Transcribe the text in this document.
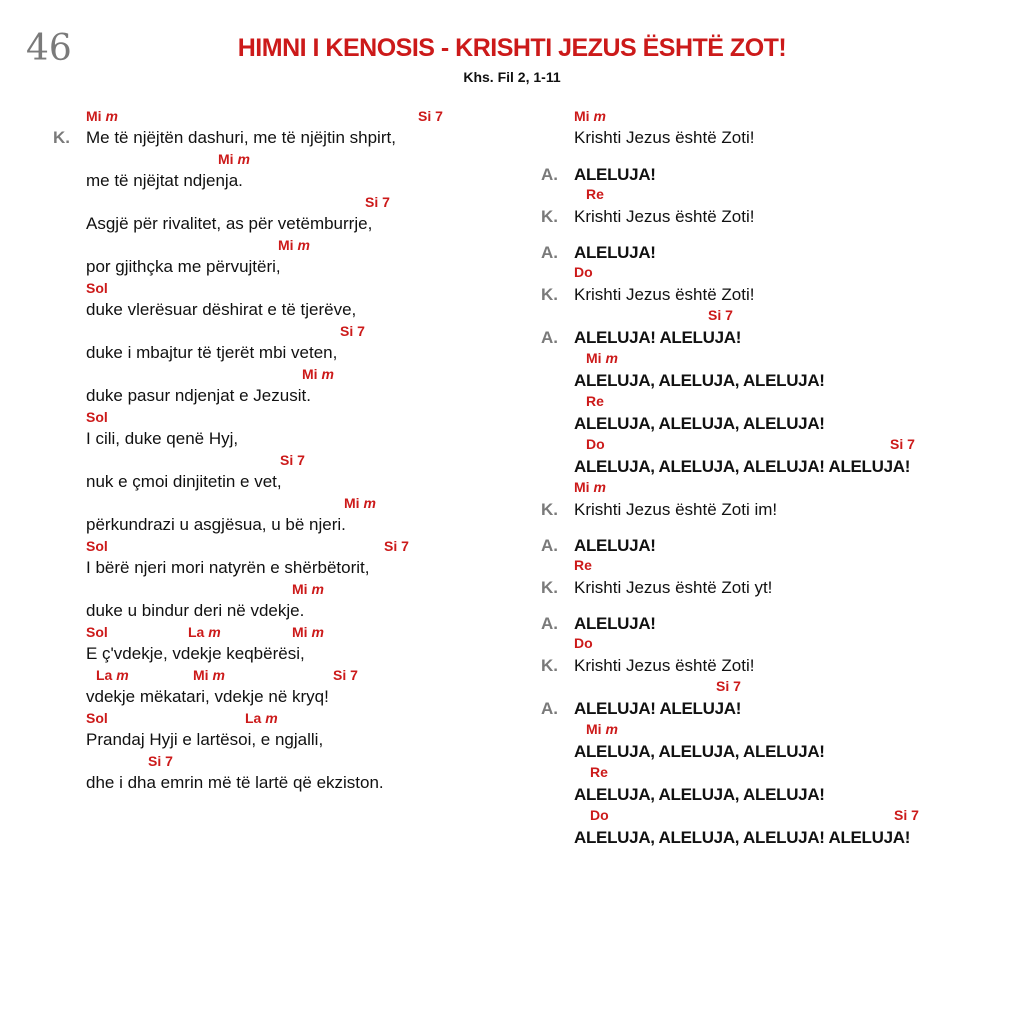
46	HIMNI I KENOSIS - KRISHTI JEZUS ËSHTË ZOT!
Khs. Fil 2, 1-11
Mi m	Si 7
Me të njëjtën dashuri, me të njëjtin shpirt,
Mi m
me të njëjtat ndjenja.
Si 7
Asgjë për rivalitet, as për vetëmburrje,
Mi m
por gjithçka me përvujtëri,
Sol
duke vlerësuar dëshirat e të tjerëve,
Si 7
duke i mbajtur të tjerët mbi veten,
Mi m
duke pasur ndjenjat e Jezusit.
Sol
I cili, duke qenë Hyj,
Si 7
nuk e çmoi dinjitetin e vet,
Mi m
përkundrazi u asgjësua, u bë njeri.
Sol	Si 7
I bërë njeri mori natyrën e shërbëtorit,
Mi m
duke u bindur deri në vdekje.
Sol	La m	Mi m
E ç'vdekje, vdekje keqbërësi,
La m	Mi m	Si 7
vdekje mëkatari, vdekje në kryq!
Sol	La m
Prandaj Hyji e lartësoi, e ngjalli,
Si 7
dhe i dha emrin më të lartë që ekziston.
K.
Mi m
Krishti Jezus është Zoti!
A. ALELUJA!
Re
K. Krishti Jezus është Zoti!
A. ALELUJA!
Do
K. Krishti Jezus është Zoti!
Si 7
A. ALELUJA! ALELUJA!
Mi m
ALELUJA, ALELUJA, ALELUJA!
Re
ALELUJA, ALELUJA, ALELUJA!
Do	Si 7
ALELUJA, ALELUJA, ALELUJA! ALELUJA!
Mi m
K. Krishti Jezus është Zoti im!
A. ALELUJA!
Re
K. Krishti Jezus është Zoti yt!
A. ALELUJA!
Do
K. Krishti Jezus është Zoti!
Si 7
A. ALELUJA! ALELUJA!
Mi m
ALELUJA, ALELUJA, ALELUJA!
Re
ALELUJA, ALELUJA, ALELUJA!
Do	Si 7
ALELUJA, ALELUJA, ALELUJA! ALELUJA!
